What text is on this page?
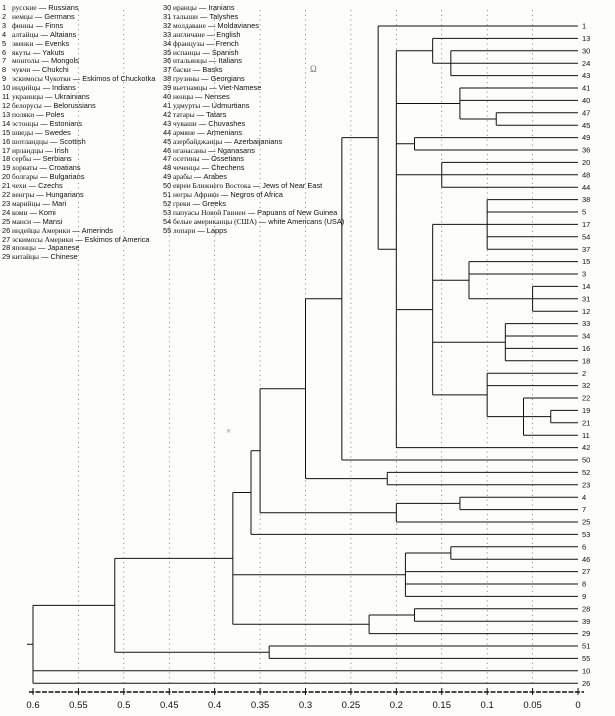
1 русские — Russians
2 немцы — Germans
3 финны — Finns
4 алтайцы — Altaians
5 эвенки — Evenks
6 якуты — Yakuts
7 монголы — Mongols
8 чукчи — Chukchi
9 эскимосы Чукотки — Eskimos of Chuckotka
10 индийцы — Indians
11 украинцы — Ukrainians
12 белорусы — Belorussians
13 поляки — Poles
14 эстонцы — Estonians
15 шведы — Swedes
16 шотландцы — Scottish
17 ирландцы — Irish
18 сербы — Serbians
19 хорваты — Croatians
20 болгары — Bulgarians
21 чехи — Czechs
22 венгры — Hungarians
23 марийцы — Mari
24 коми — Komi
25 манси — Mansi
26 индейцы Америки — Amerinds
27 эскимосы Америки — Eskimos of America
28 японцы — Japanese
29 китайцы — Chinese
30 иранцы — Iranians
31 талыши — Talyshes
32 молдаване — Moldavianes
33 англичане — English
34 французы — French
35 испанцы — Spanish
36 итальянцы — Italians
37 баски — Basks
38 грузины — Georgians
39 вьетнамцы — Viet-Namese
40 ненцы — Nenses
41 удмурты — Udmurtians
42 татары — Tatars
43 чуваши — Chuvashes
44 армяне — Armenians
45 азербайджанцы — Azerbaijanians
46 нганасаны — Nganasans
47 осетины — Ossetians
48 чеченцы — Chechens
49 арабы — Arabes
50 евреи Ближнего Востока — Jews of Near East
51 негры Африки — Negros of Africa
52 греки — Greeks
53 папуасы Новой Гвинеи — Papuans of New Guinea
54 белые американцы (США) — white Americans (USA)
55 лопари — Lapps
1
13
30
24
43
41
40
47
45
49
36
20
48
44
38
5
17
54
37
15
3
14
31
12
33
34
16
18
2
32
22
19
21
11
42
50
52
23
4
7
25
53
6
46
27
8
9
28
39
29
51
55
10
26
0.6	0.55	0.5	0.45	0.4	0.35	0.3	0.25	0.2	0.15	0.1	0.05	0
Ω
×
